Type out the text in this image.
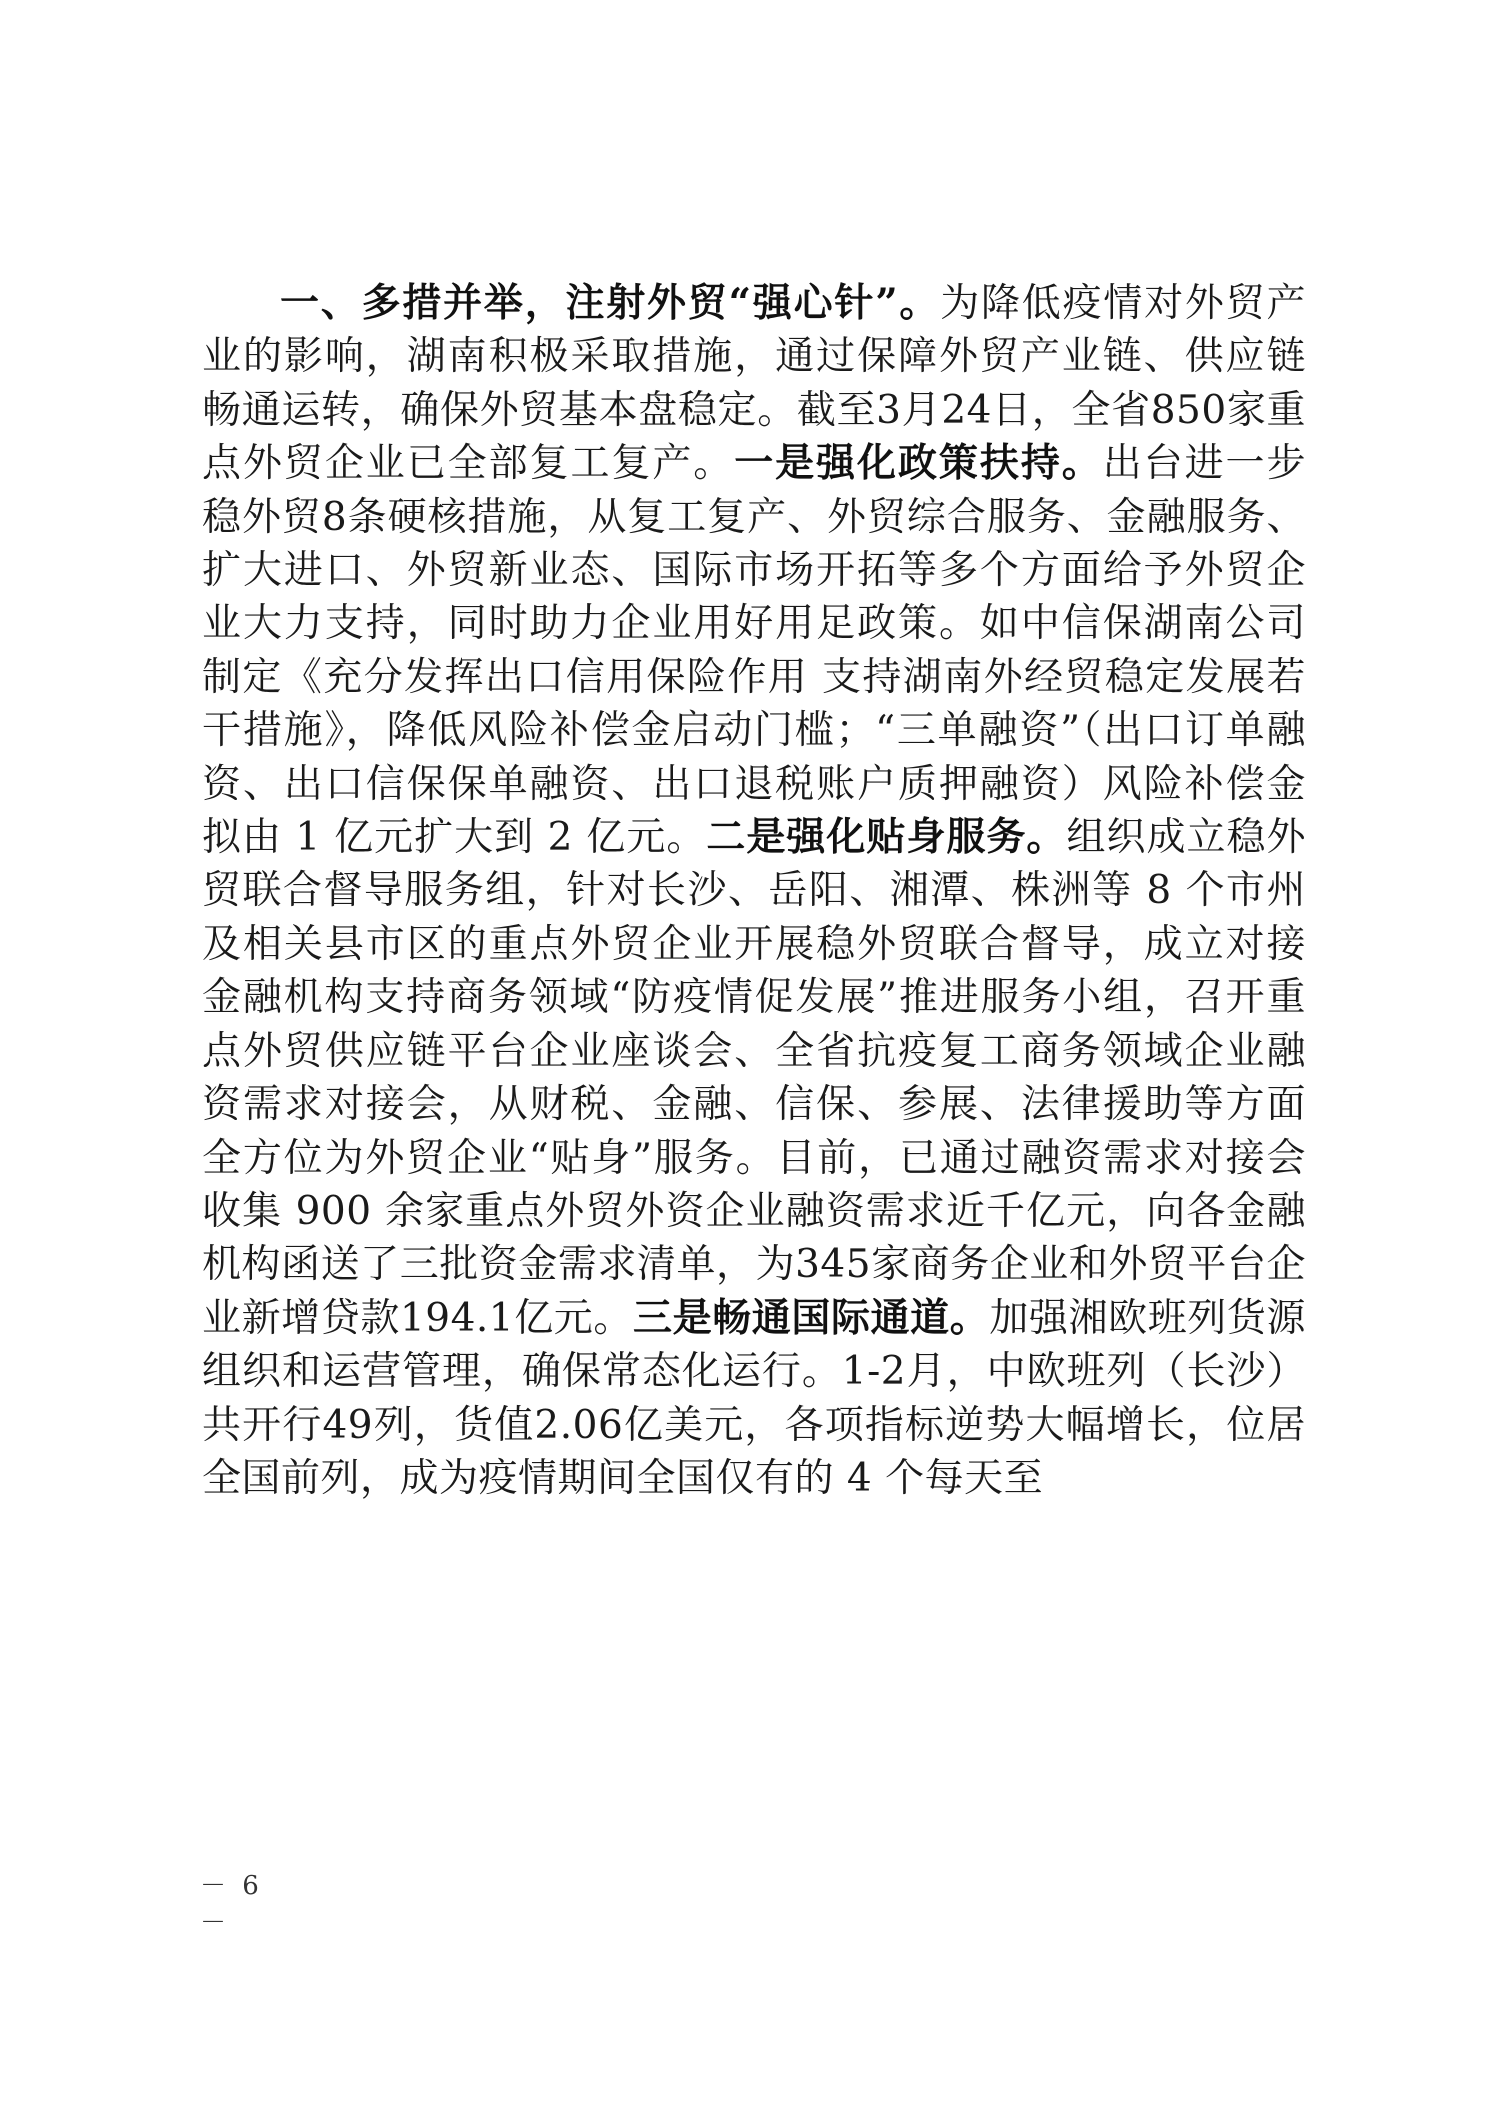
一、多措并举，注射外贸“强心针”。为降低疫情对外贸产业的影响，湖南积极采取措施，通过保障外贸产业链、供应链畅通运转，确保外贸基本盘稳定。截至3月24日，全省850家重点外贸企业已全部复工复产。一是强化政策扶持。出台进一步稳外贸8条硬核措施，从复工复产、外贸综合服务、金融服务、扩大进口、外贸新业态、国际市场开拓等多个方面给予外贸企业大力支持，同时助力企业用好用足政策。如中信保湖南公司制定《充分发挥出口信用保险作用 支持湖南外经贸稳定发展若干措施》，降低风险补偿金启动门槛；“三单融资”（出口订单融资、出口信保保单融资、出口退税账户质押融资）风险补偿金拟由 1 亿元扩大到 2 亿元。二是强化贴身服务。组织成立稳外贸联合督导服务组，针对长沙、岳阳、湘潭、株洲等 8 个市州及相关县市区的重点外贸企业开展稳外贸联合督导，成立对接金融机构支持商务领域“防疫情促发展”推进服务小组，召开重点外贸供应链平台企业座谈会、全省抗疫复工商务领域企业融资需求对接会，从财税、金融、信保、参展、法律援助等方面全方位为外贸企业“贴身”服务。目前，已通过融资需求对接会收集 900 余家重点外贸外资企业融资需求近千亿元，向各金融机构函送了三批资金需求清单，为345家商务企业和外贸平台企业新增贷款194.1亿元。三是畅通国际通道。加强湘欧班列货源组织和运营管理，确保常态化运行。1-2月，中欧班列（长沙）共开行49列，货值2.06亿美元，各项指标逆势大幅增长，位居全国前列，成为疫情期间全国仅有的 4 个每天至

－ 6 －
